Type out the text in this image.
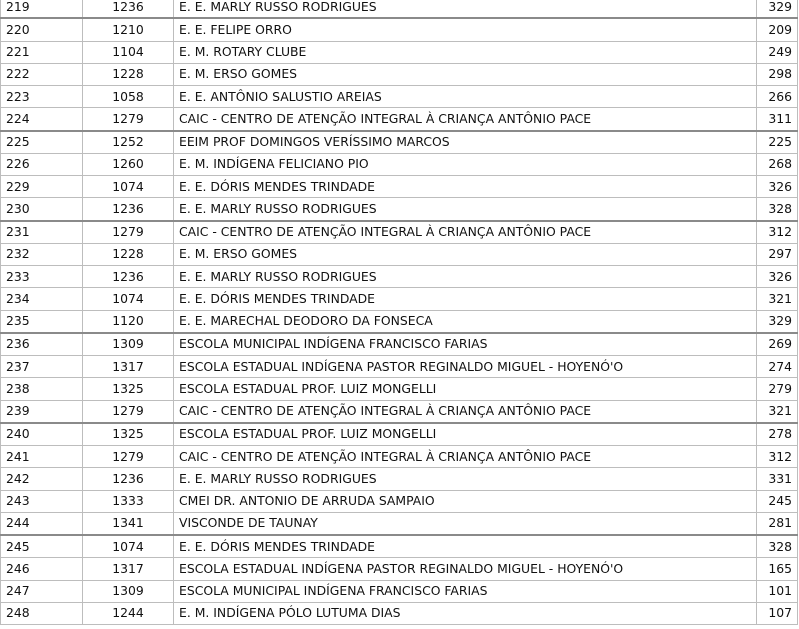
219	1236	E. E. MARLY RUSSO RODRIGUES	329
220	1210	E. E. FELIPE ORRO	209
221	1104	E. M. ROTARY CLUBE	249
222	1228	E. M. ERSO GOMES	298
223	1058	E. E. ANTÔNIO SALUSTIO AREIAS	266
224	1279	CAIC - CENTRO DE ATENÇÃO INTEGRAL À CRIANÇA ANTÔNIO PACE	311
225	1252	EEIM PROF DOMINGOS VERÍSSIMO MARCOS	225
226	1260	E. M. INDÍGENA FELICIANO PIO	268
229	1074	E. E. DÓRIS MENDES TRINDADE	326
230	1236	E. E. MARLY RUSSO RODRIGUES	328
231	1279	CAIC - CENTRO DE ATENÇÃO INTEGRAL À CRIANÇA ANTÔNIO PACE	312
232	1228	E. M. ERSO GOMES	297
233	1236	E. E. MARLY RUSSO RODRIGUES	326
234	1074	E. E. DÓRIS MENDES TRINDADE	321
235	1120	E. E. MARECHAL DEODORO DA FONSECA	329
236	1309	ESCOLA MUNICIPAL INDÍGENA FRANCISCO FARIAS	269
237	1317	ESCOLA ESTADUAL INDÍGENA PASTOR REGINALDO MIGUEL - HOYENÓ'O	274
238	1325	ESCOLA ESTADUAL PROF. LUIZ MONGELLI	279
239	1279	CAIC - CENTRO DE ATENÇÃO INTEGRAL À CRIANÇA ANTÔNIO PACE	321
240	1325	ESCOLA ESTADUAL PROF. LUIZ MONGELLI	278
241	1279	CAIC - CENTRO DE ATENÇÃO INTEGRAL À CRIANÇA ANTÔNIO PACE	312
242	1236	E. E. MARLY RUSSO RODRIGUES	331
243	1333	CMEI DR. ANTONIO DE ARRUDA SAMPAIO	245
244	1341	VISCONDE DE TAUNAY	281
245	1074	E. E. DÓRIS MENDES TRINDADE	328
246	1317	ESCOLA ESTADUAL INDÍGENA PASTOR REGINALDO MIGUEL - HOYENÓ'O	165
247	1309	ESCOLA MUNICIPAL INDÍGENA FRANCISCO FARIAS	101
248	1244	E. M. INDÍGENA PÓLO LUTUMA DIAS	107
